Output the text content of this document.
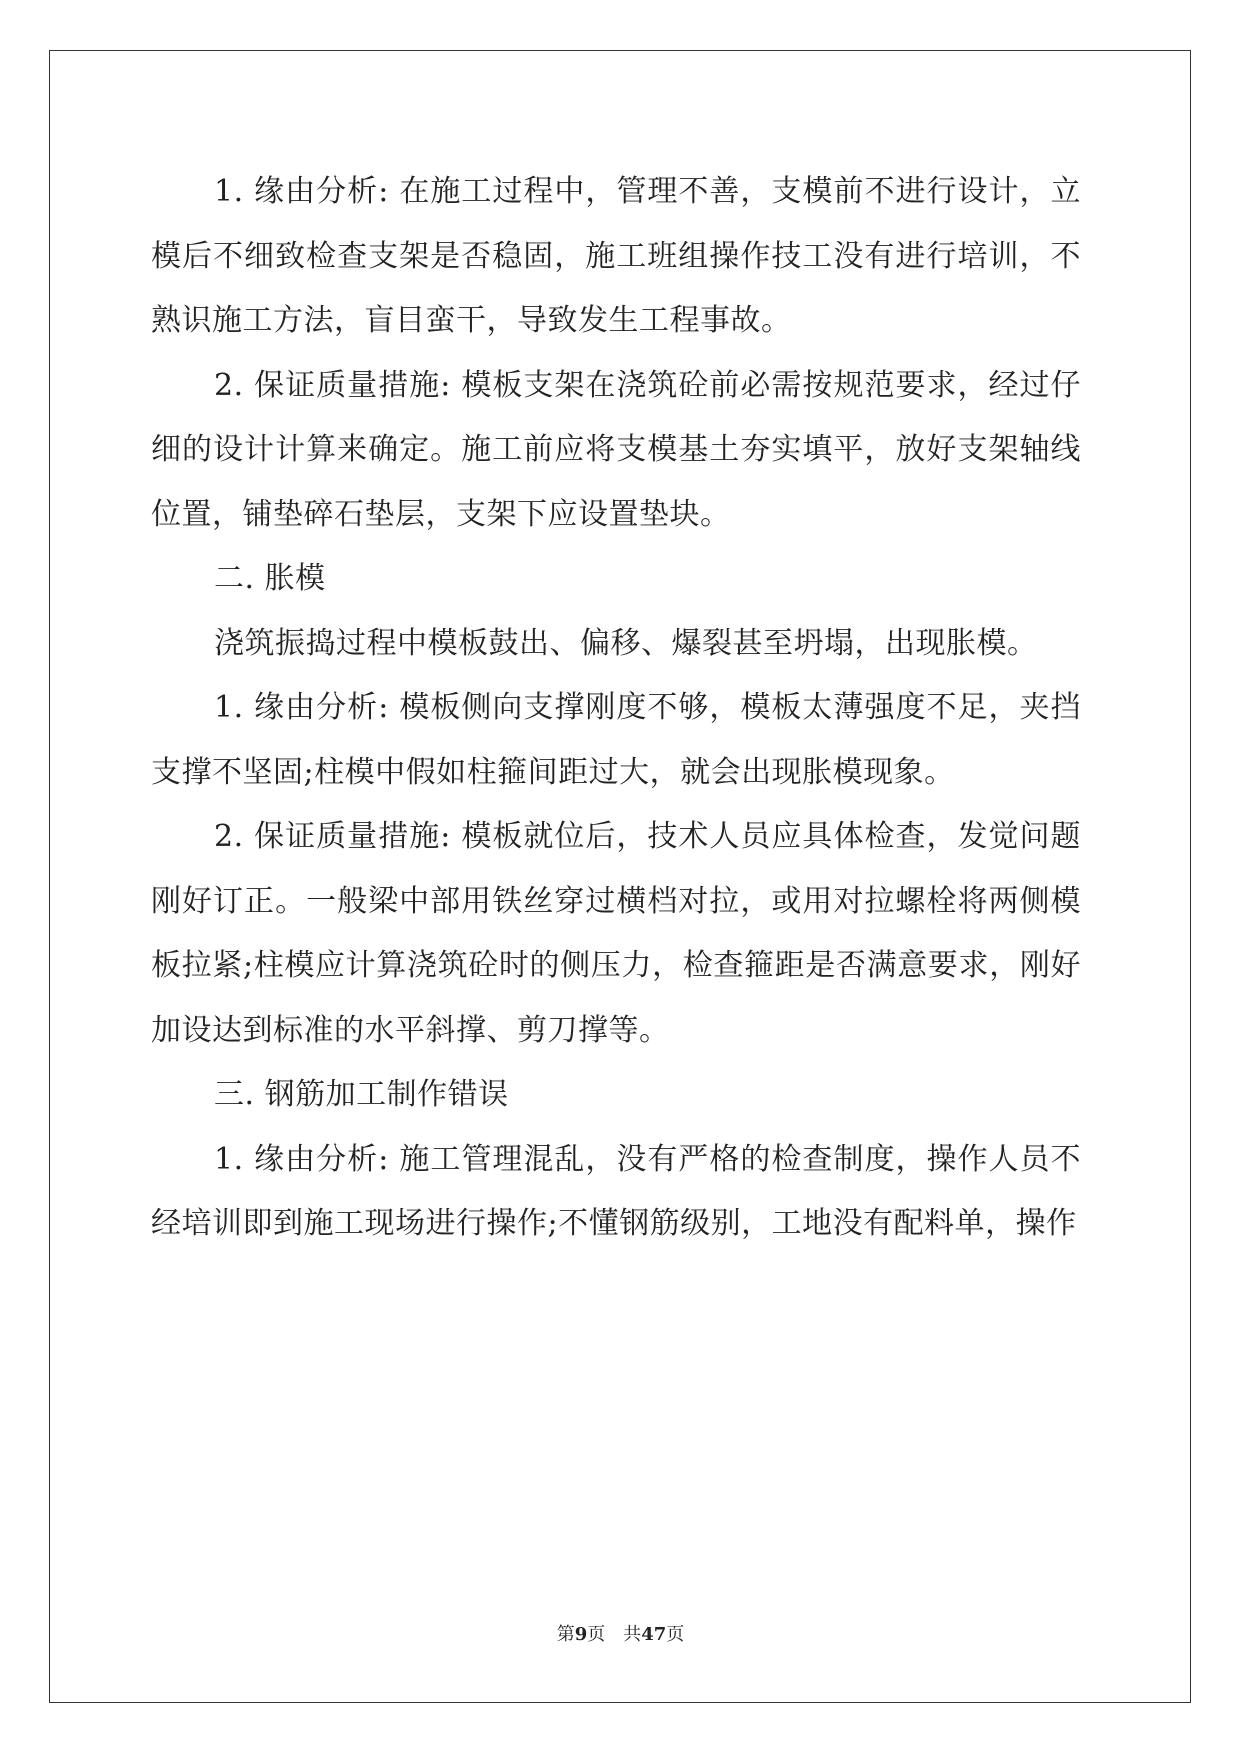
1. 缘由分析: 在施工过程中，管理不善，支模前不进行设计，立模后不细致检查支架是否稳固，施工班组操作技工没有进行培训，不熟识施工方法，盲目蛮干，导致发生工程事故。

2. 保证质量措施: 模板支架在浇筑砼前必需按规范要求，经过仔细的设计计算来确定。施工前应将支模基土夯实填平，放好支架轴线位置，铺垫碎石垫层，支架下应设置垫块。

二. 胀模

浇筑振捣过程中模板鼓出、偏移、爆裂甚至坍塌，出现胀模。

1. 缘由分析: 模板侧向支撑刚度不够，模板太薄强度不足，夹挡支撑不坚固;柱模中假如柱箍间距过大，就会出现胀模现象。

2. 保证质量措施: 模板就位后，技术人员应具体检查，发觉问题刚好订正。一般梁中部用铁丝穿过横档对拉，或用对拉螺栓将两侧模板拉紧;柱模应计算浇筑砼时的侧压力，检查箍距是否满意要求，刚好加设达到标准的水平斜撑、剪刀撑等。

三. 钢筋加工制作错误

1. 缘由分析: 施工管理混乱，没有严格的检查制度，操作人员不经培训即到施工现场进行操作;不懂钢筋级别，工地没有配料单，操作

第9页 共47页
